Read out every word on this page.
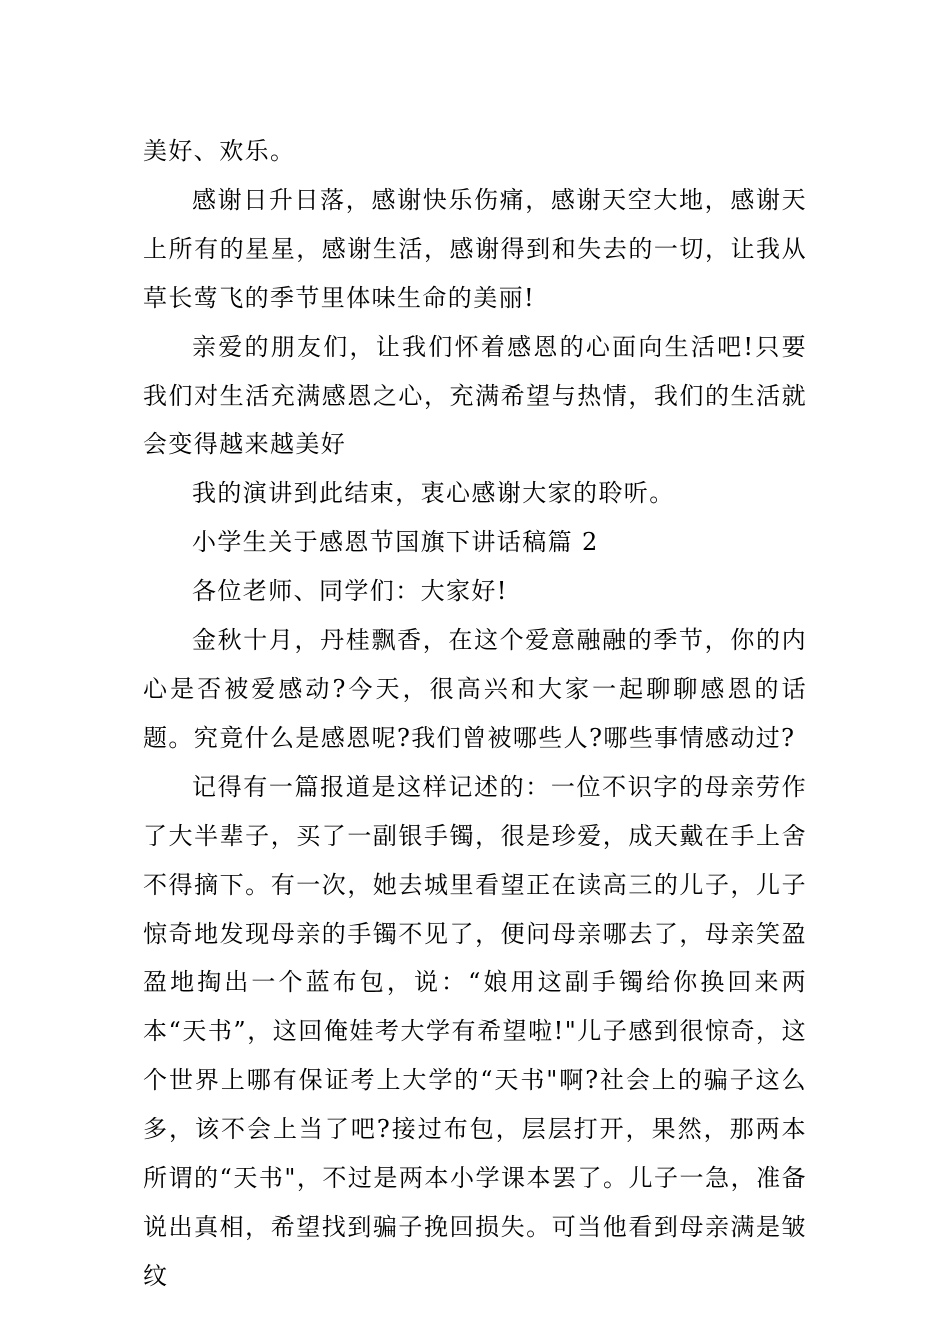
美好、欢乐。

感谢日升日落，感谢快乐伤痛，感谢天空大地，感谢天上所有的星星，感谢生活，感谢得到和失去的一切，让我从草长莺飞的季节里体味生命的美丽!

亲爱的朋友们，让我们怀着感恩的心面向生活吧!只要我们对生活充满感恩之心，充满希望与热情，我们的生活就会变得越来越美好

我的演讲到此结束，衷心感谢大家的聆听。

小学生关于感恩节国旗下讲话稿篇 2

各位老师、同学们：大家好!

金秋十月，丹桂飘香，在这个爱意融融的季节，你的内心是否被爱感动?今天，很高兴和大家一起聊聊感恩的话题。究竟什么是感恩呢?我们曾被哪些人?哪些事情感动过?

记得有一篇报道是这样记述的：一位不识字的母亲劳作了大半辈子，买了一副银手镯，很是珍爱，成天戴在手上舍不得摘下。有一次，她去城里看望正在读高三的儿子，儿子惊奇地发现母亲的手镯不见了，便问母亲哪去了，母亲笑盈盈地掏出一个蓝布包，说：“娘用这副手镯给你换回来两本“天书”，这回俺娃考大学有希望啦!"儿子感到很惊奇，这个世界上哪有保证考上大学的“天书"啊?社会上的骗子这么多，该不会上当了吧?接过布包，层层打开，果然，那两本所谓的“天书"，不过是两本小学课本罢了。儿子一急，准备说出真相，希望找到骗子挽回损失。可当他看到母亲满是皱纹
